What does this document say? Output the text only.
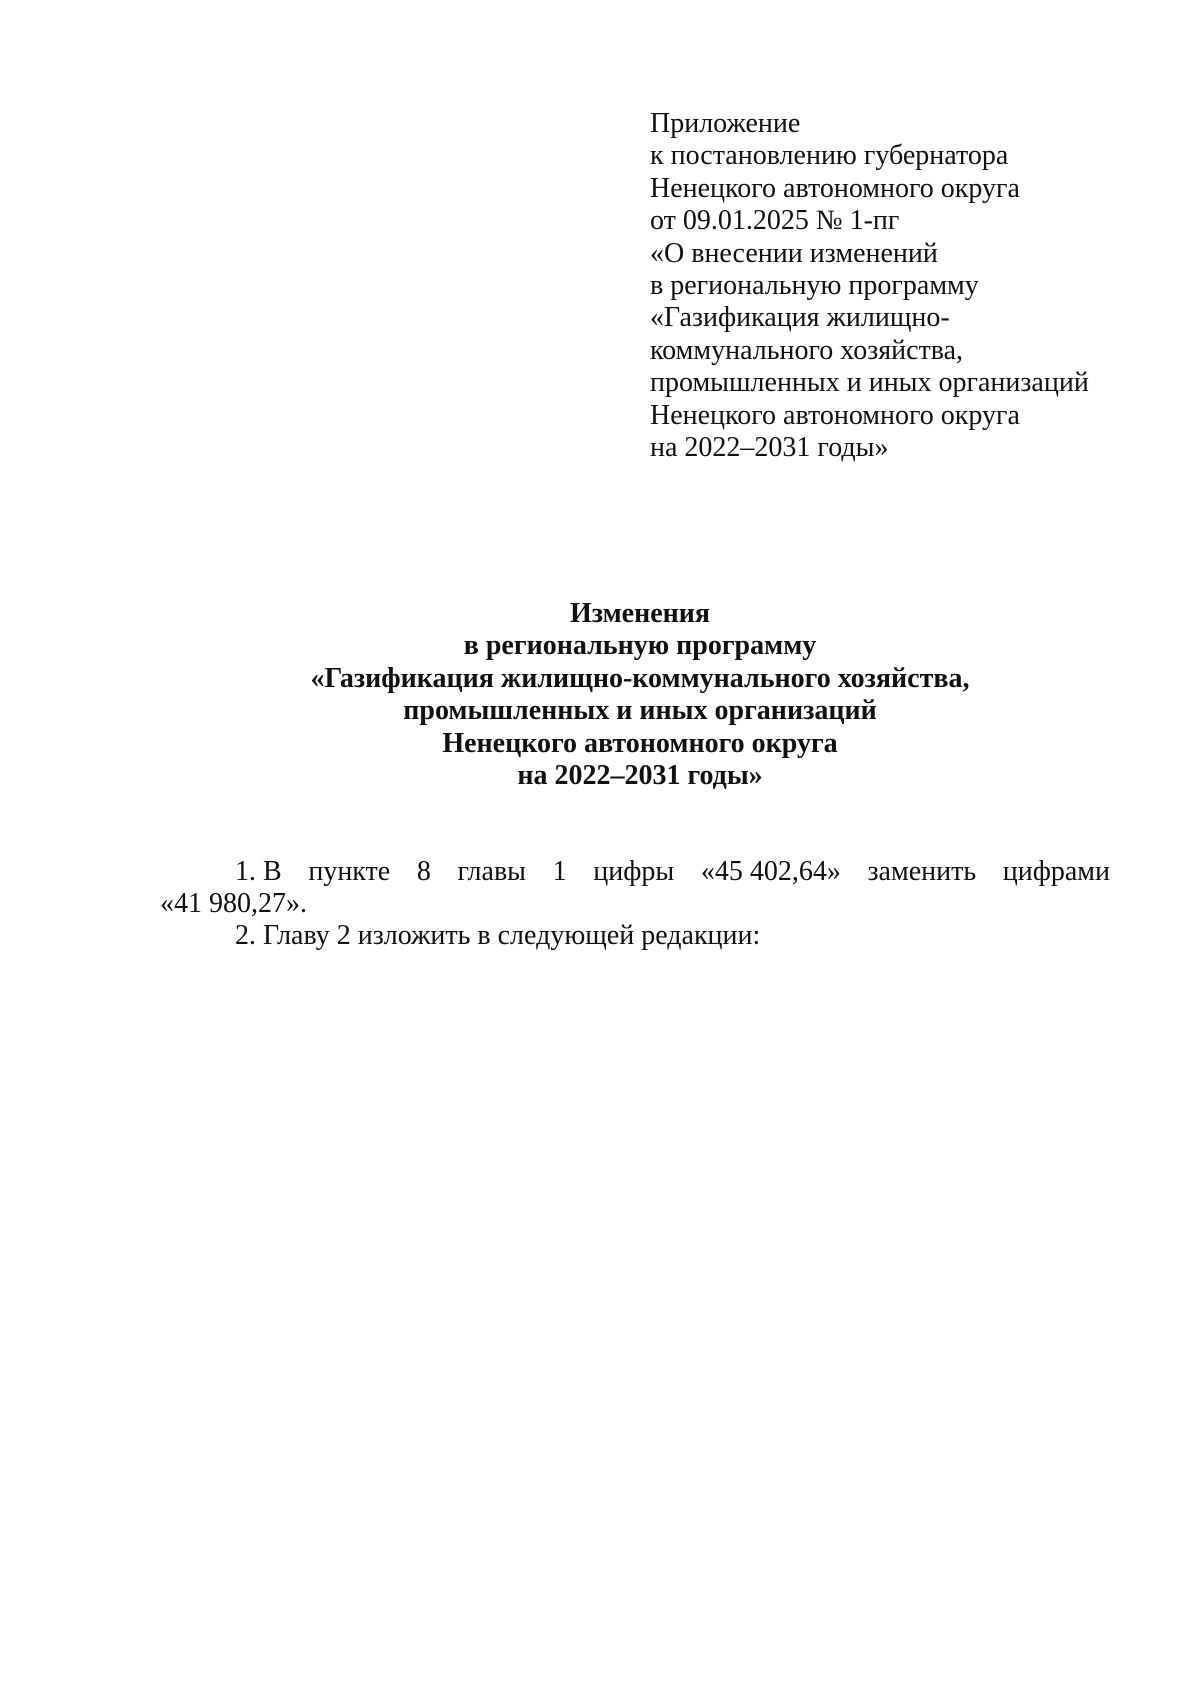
Приложение
к постановлению губернатора
Ненецкого автономного округа
от 09.01.2025 № 1-пг
«О внесении изменений
в региональную программу
«Газификация жилищно-
коммунального хозяйства,
промышленных и иных организаций
Ненецкого автономного округа
на 2022–2031 годы»
Изменения
в региональную программу
«Газификация жилищно-коммунального хозяйства,
промышленных и иных организаций
Ненецкого автономного округа
на 2022–2031 годы»
1. В пункте 8 главы 1 цифры «45 402,64» заменить цифрами
«41 980,27».
2. Главу 2 изложить в следующей редакции:
